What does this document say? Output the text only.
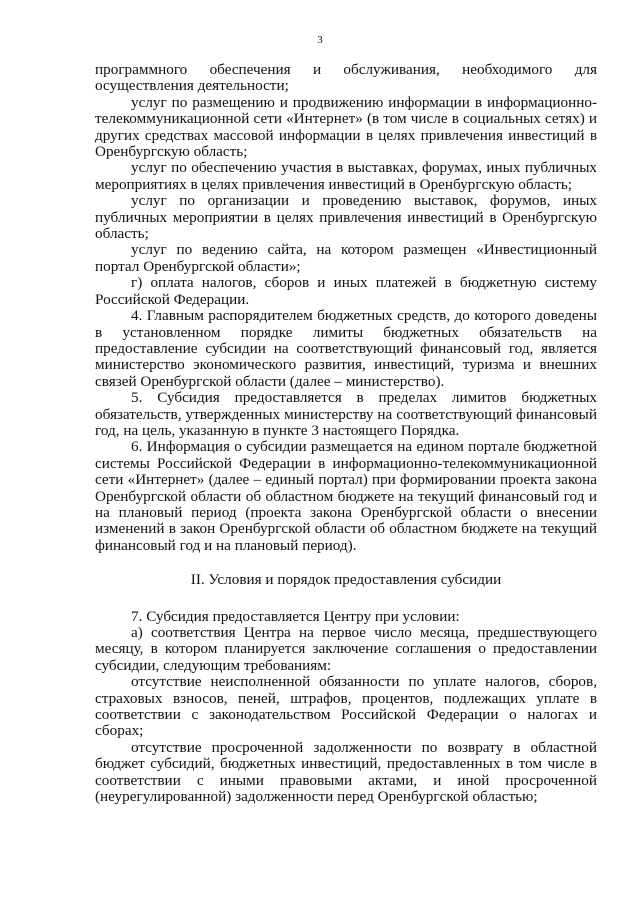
3

программного обеспечения и обслуживания, необходимого для осуществления деятельности;

услуг по размещению и продвижению информации в информационно-телекоммуникационной сети «Интернет» (в том числе в социальных сетях) и других средствах массовой информации в целях привлечения инвестиций в Оренбургскую область;

услуг по обеспечению участия в выставках, форумах, иных публичных мероприятиях в целях привлечения инвестиций в Оренбургскую область;

услуг по организации и проведению выставок, форумов, иных публичных мероприятии в целях привлечения инвестиций в Оренбургскую область;

услуг по ведению сайта, на котором размещен «Инвестиционный портал Оренбургской области»;

г) оплата налогов, сборов и иных платежей в бюджетную систему Российской Федерации.

4. Главным распорядителем бюджетных средств, до которого доведены в установленном порядке лимиты бюджетных обязательств на предоставление субсидии на соответствующий финансовый год, является министерство экономического развития, инвестиций, туризма и внешних связей Оренбургской области (далее – министерство).

5. Субсидия предоставляется в пределах лимитов бюджетных обязательств, утвержденных министерству на соответствующий финансовый год, на цель, указанную в пункте 3 настоящего Порядка.

6. Информация о субсидии размещается на едином портале бюджетной системы Российской Федерации в информационно-телекоммуникационной сети «Интернет» (далее – единый портал) при формировании проекта закона Оренбургской области об областном бюджете на текущий финансовый год и на плановый период (проекта закона Оренбургской области о внесении изменений в закон Оренбургской области об областном бюджете на текущий финансовый год и на плановый период).

II. Условия и порядок предоставления субсидии

7. Субсидия предоставляется Центру при условии:

а) соответствия Центра на первое число месяца, предшествующего месяцу, в котором планируется заключение соглашения о предоставлении субсидии, следующим требованиям:

отсутствие неисполненной обязанности по уплате налогов, сборов, страховых взносов, пеней, штрафов, процентов, подлежащих уплате в соответствии с законодательством Российской Федерации о налогах и сборах;

отсутствие просроченной задолженности по возврату в областной бюджет субсидий, бюджетных инвестиций, предоставленных в том числе в соответствии с иными правовыми актами, и иной просроченной (неурегулированной) задолженности перед Оренбургской областью;
